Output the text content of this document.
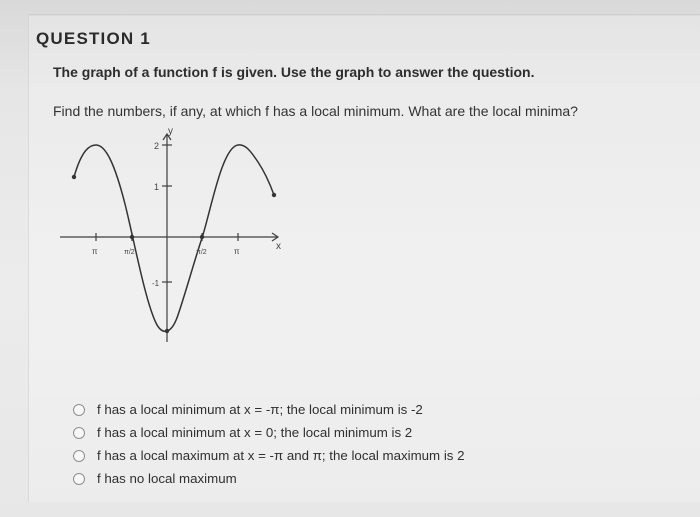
QUESTION 1
The graph of a function f is given. Use the graph to answer the question.
Find the numbers, if any, at which f has a local minimum. What are the local minima?
y
x
2
1
-1
π	π/2	π/2	π
f has a local minimum at x = -π; the local minimum is -2
f has a local minimum at x = 0; the local minimum is 2
f has a local maximum at x = -π and π; the local maximum is 2
f has no local maximum
